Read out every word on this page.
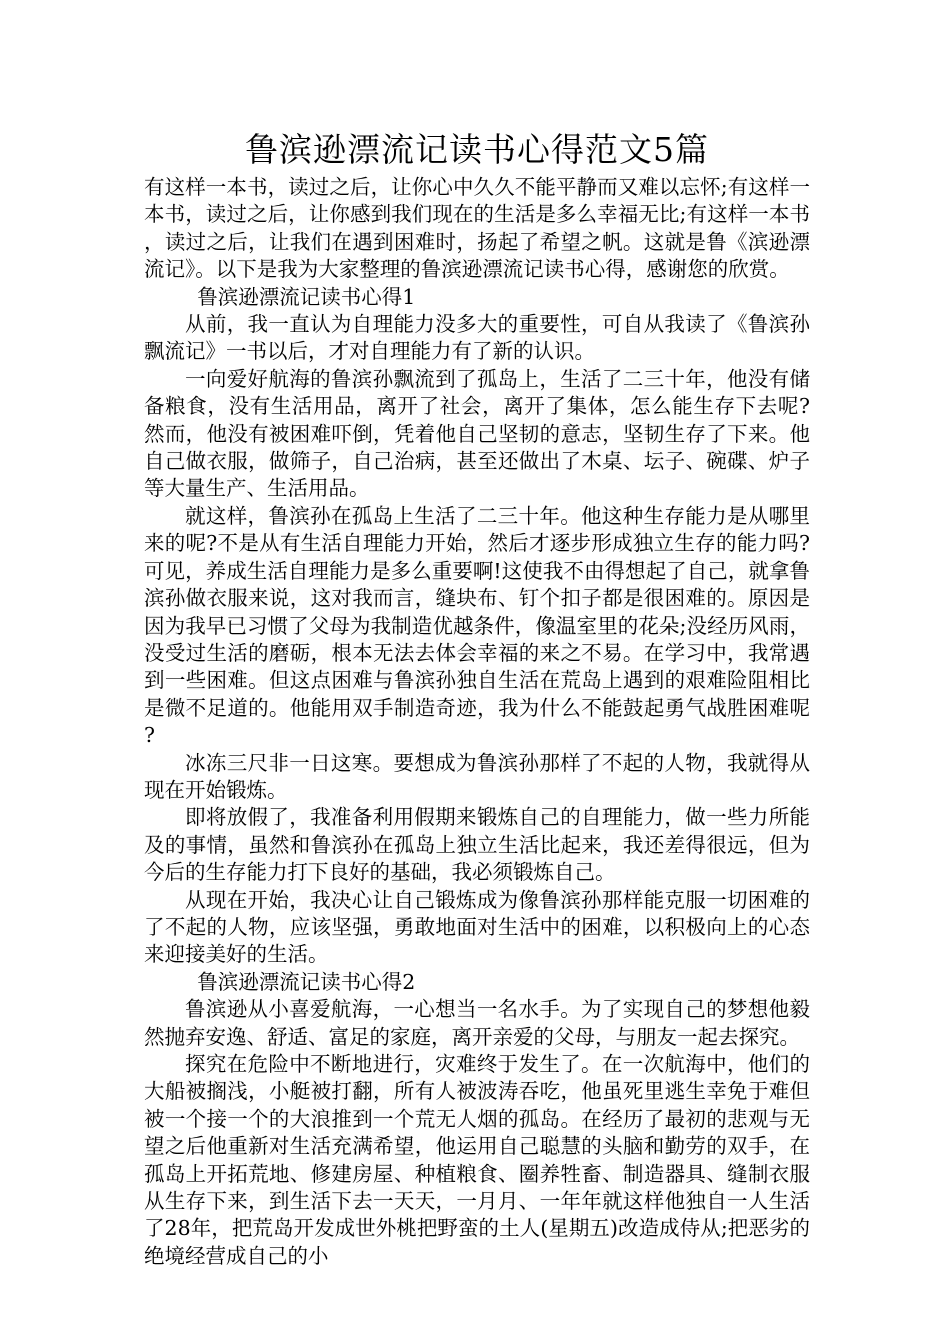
鲁滨逊漂流记读书心得范文5篇

有这样一本书，读过之后，让你心中久久不能平静而又难以忘怀;有这样一本书，读过之后，让你感到我们现在的生活是多么幸福无比;有这样一本书，读过之后，让我们在遇到困难时，扬起了希望之帆。这就是鲁《滨逊漂流记》。以下是我为大家整理的鲁滨逊漂流记读书心得，感谢您的欣赏。

鲁滨逊漂流记读书心得1

从前，我一直认为自理能力没多大的重要性，可自从我读了《鲁滨孙飘流记》一书以后，才对自理能力有了新的认识。

一向爱好航海的鲁滨孙飘流到了孤岛上，生活了二三十年，他没有储备粮食，没有生活用品，离开了社会，离开了集体，怎么能生存下去呢?然而，他没有被困难吓倒，凭着他自己坚韧的意志，坚韧生存了下来。他自己做衣服，做筛子，自己治病，甚至还做出了木桌、坛子、碗碟、炉子等大量生产、生活用品。

就这样，鲁滨孙在孤岛上生活了二三十年。他这种生存能力是从哪里来的呢?不是从有生活自理能力开始，然后才逐步形成独立生存的能力吗?可见，养成生活自理能力是多么重要啊!这使我不由得想起了自己，就拿鲁滨孙做衣服来说，这对我而言，缝块布、钉个扣子都是很困难的。原因是因为我早已习惯了父母为我制造优越条件，像温室里的花朵;没经历风雨，没受过生活的磨砺，根本无法去体会幸福的来之不易。在学习中，我常遇到一些困难。但这点困难与鲁滨孙独自生活在荒岛上遇到的艰难险阻相比是微不足道的。他能用双手制造奇迹，我为什么不能鼓起勇气战胜困难呢?

冰冻三尺非一日这寒。要想成为鲁滨孙那样了不起的人物，我就得从现在开始锻炼。

即将放假了，我准备利用假期来锻炼自己的自理能力，做一些力所能及的事情，虽然和鲁滨孙在孤岛上独立生活比起来，我还差得很远，但为今后的生存能力打下良好的基础，我必须锻炼自己。

从现在开始，我决心让自己锻炼成为像鲁滨孙那样能克服一切困难的了不起的人物，应该坚强，勇敢地面对生活中的困难，以积极向上的心态来迎接美好的生活。

鲁滨逊漂流记读书心得2

鲁滨逊从小喜爱航海，一心想当一名水手。为了实现自己的梦想他毅然抛弃安逸、舒适、富足的家庭，离开亲爱的父母，与朋友一起去探究。

探究在危险中不断地进行，灾难终于发生了。在一次航海中，他们的大船被搁浅，小艇被打翻，所有人被波涛吞吃，他虽死里逃生幸免于难但被一个接一个的大浪推到一个荒无人烟的孤岛。在经历了最初的悲观与无望之后他重新对生活充满希望，他运用自己聪慧的头脑和勤劳的双手，在孤岛上开拓荒地、修建房屋、种植粮食、圈养牲畜、制造器具、缝制衣服从生存下来，到生活下去一天天，一月月、一年年就这样他独自一人生活了28年，把荒岛开发成世外桃把野蛮的土人(星期五)改造成侍从;把恶劣的绝境经营成自己的小
